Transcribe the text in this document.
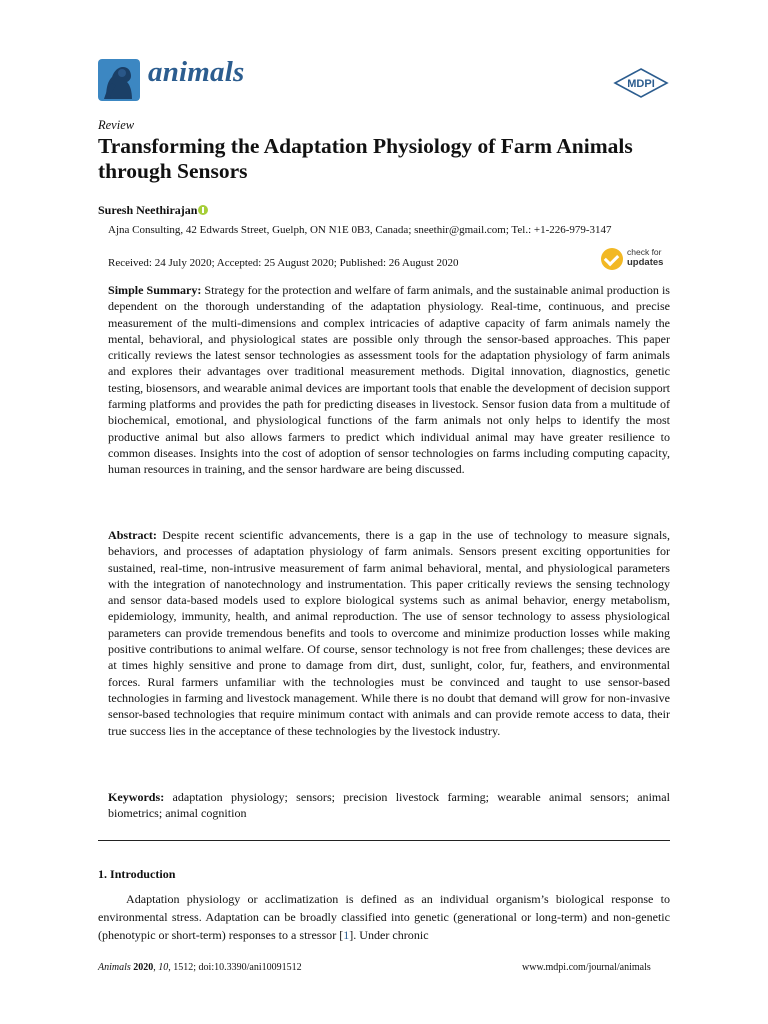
animals	MDPI
Review
Transforming the Adaptation Physiology of Farm Animals through Sensors
Suresh Neethirajan
Ajna Consulting, 42 Edwards Street, Guelph, ON N1E 0B3, Canada; sneethir@gmail.com; Tel.: +1-226-979-3147
Received: 24 July 2020; Accepted: 25 August 2020; Published: 26 August 2020
check for
updates
Simple Summary: Strategy for the protection and welfare of farm animals, and the sustainable animal production is dependent on the thorough understanding of the adaptation physiology. Real-time, continuous, and precise measurement of the multi-dimensions and complex intricacies of adaptive capacity of farm animals namely the mental, behavioral, and physiological states are possible only through the sensor-based approaches. This paper critically reviews the latest sensor technologies as assessment tools for the adaptation physiology of farm animals and explores their advantages over traditional measurement methods. Digital innovation, diagnostics, genetic testing, biosensors, and wearable animal devices are important tools that enable the development of decision support farming platforms and provides the path for predicting diseases in livestock. Sensor fusion data from a multitude of biochemical, emotional, and physiological functions of the farm animals not only helps to identify the most productive animal but also allows farmers to predict which individual animal may have greater resilience to common diseases. Insights into the cost of adoption of sensor technologies on farms including computing capacity, human resources in training, and the sensor hardware are being discussed.
Abstract: Despite recent scientific advancements, there is a gap in the use of technology to measure signals, behaviors, and processes of adaptation physiology of farm animals. Sensors present exciting opportunities for sustained, real-time, non-intrusive measurement of farm animal behavioral, mental, and physiological parameters with the integration of nanotechnology and instrumentation. This paper critically reviews the sensing technology and sensor data-based models used to explore biological systems such as animal behavior, energy metabolism, epidemiology, immunity, health, and animal reproduction. The use of sensor technology to assess physiological parameters can provide tremendous benefits and tools to overcome and minimize production losses while making positive contributions to animal welfare. Of course, sensor technology is not free from challenges; these devices are at times highly sensitive and prone to damage from dirt, dust, sunlight, color, fur, feathers, and environmental forces. Rural farmers unfamiliar with the technologies must be convinced and taught to use sensor-based technologies in farming and livestock management. While there is no doubt that demand will grow for non-invasive sensor-based technologies that require minimum contact with animals and can provide remote access to data, their true success lies in the acceptance of these technologies by the livestock industry.
Keywords: adaptation physiology; sensors; precision livestock farming; wearable animal sensors; animal biometrics; animal cognition
1. Introduction
Adaptation physiology or acclimatization is defined as an individual organism’s biological response to environmental stress. Adaptation can be broadly classified into genetic (generational or long-term) and non-genetic (phenotypic or short-term) responses to a stressor [1]. Under chronic
Animals 2020, 10, 1512; doi:10.3390/ani10091512	www.mdpi.com/journal/animals
